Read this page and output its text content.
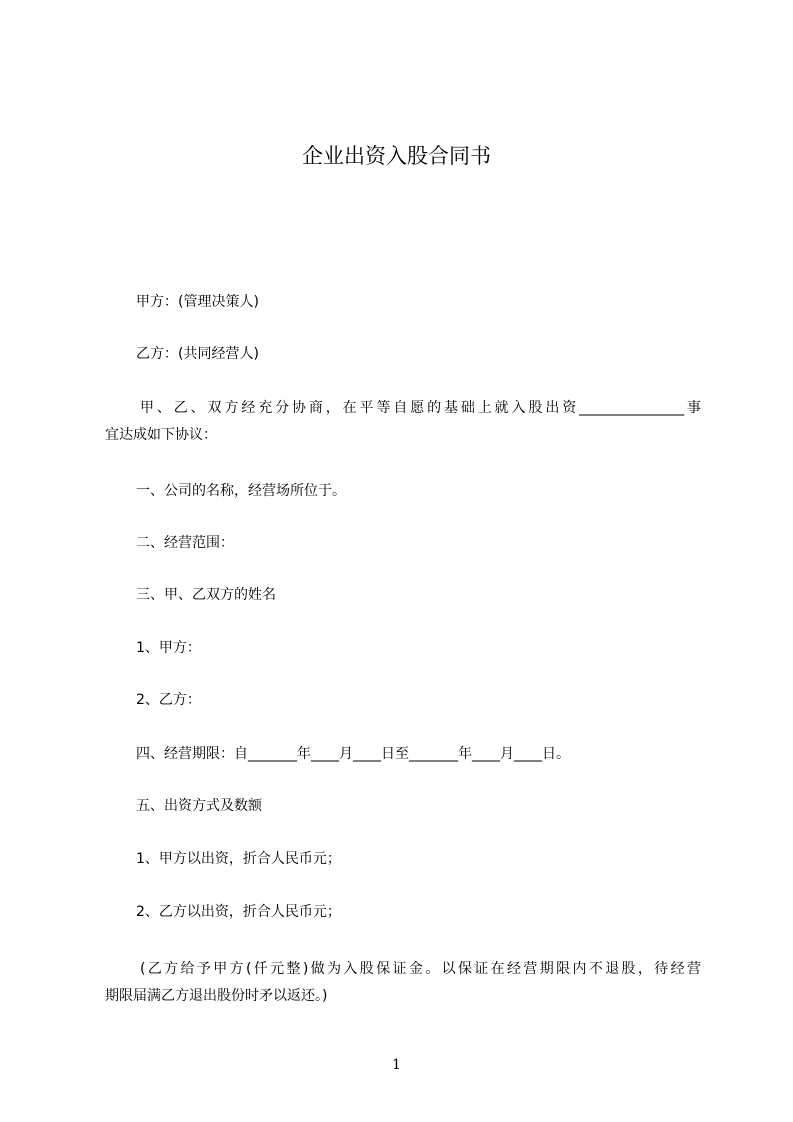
企业出资入股合同书
甲方：(管理决策人)
乙方：(共同经营人)
甲、乙、双方经充分协商，在平等自愿的基础上就入股出资_______________事
宜达成如下协议：
一、公司的名称，经营场所位于。
二、经营范围：
三、甲、乙双方的姓名
1、甲方：
2、乙方：
四、经营期限：自_______年____月____日至_______年____月____日。
五、出资方式及数额
1、甲方以出资，折合人民币元；
2、乙方以出资，折合人民币元；
(乙方给予甲方(仟元整)做为入股保证金。以保证在经营期限内不退股，待经营
期限届满乙方退出股份时矛以返还。)
1
